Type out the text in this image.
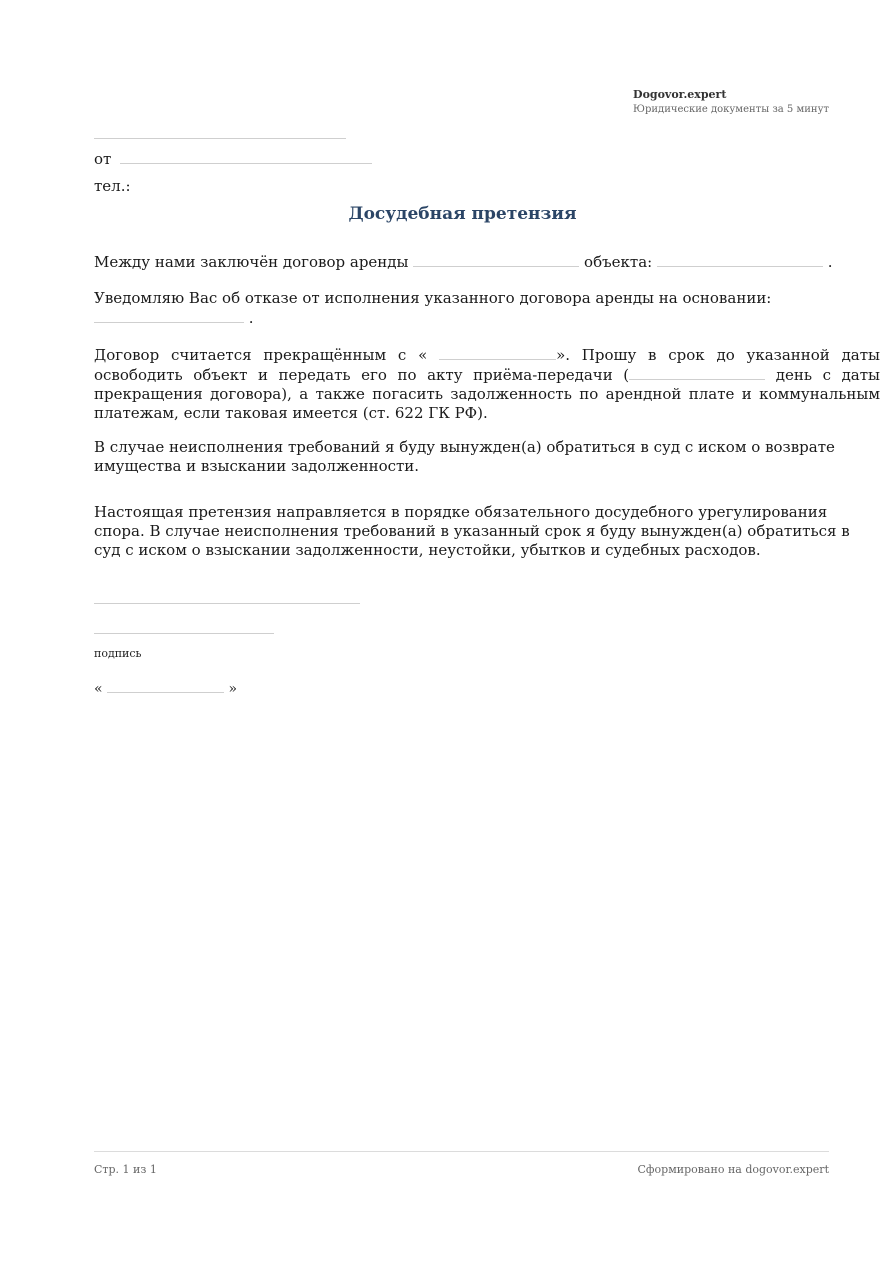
Dogovor.expert
Юридические документы за 5 минут
от
тел.:
Досудебная претензия
Между нами заключён договор аренды	объекта:	.
Уведомляю Вас об отказе от исполнения указанного договора аренды на основании:
.
Договор считается прекращённым с «	». Прошу в срок до указанной даты освободить объект и передать его по акту приёма-передачи (	день с даты прекращения договора), а также погасить задолженность по арендной плате и коммунальным платежам, если таковая имеется (ст. 622 ГК РФ).
В случае неисполнения требований я буду вынужден(а) обратиться в суд с иском о возврате имущества и взыскании задолженности.
Настоящая претензия направляется в порядке обязательного досудебного урегулирования спора. В случае неисполнения требований в указанный срок я буду вынужден(а) обратиться в суд с иском о взыскании задолженности, неустойки, убытков и судебных расходов.
подпись
«	»
Стр. 1 из 1	Сформировано на dogovor.expert
